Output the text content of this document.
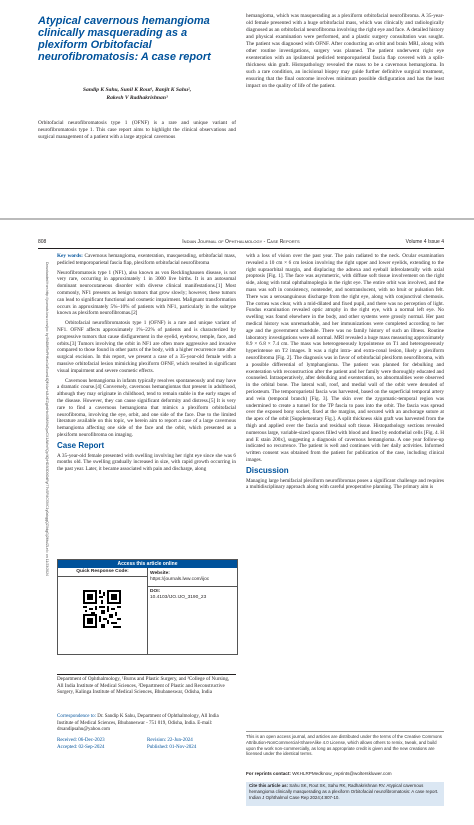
Atypical cavernous hemangioma clinically masquerading as a plexiform Orbitofacial neurofibromatosis: A case report
Sandip K Sahu, Sunil K Rout¹, Ranjit K Sahu²,
Rakesh V Radhakrishnan³
Orbitofacial neurofibromatosis type 1 (OFNF) is a rare and unique variant of neurofibromatosis type 1. This case report aims to highlight the clinical observations and surgical management of a patient with a large atypical cavernous
hemangioma, which was masquerading as a plexiform orbitofacial neurofibroma. A 35-year-old female presented with a huge orbitofacial mass, which was clinically and radiologically diagnosed as an orbitofacial neurofibroma involving the right eye and face. A detailed history and physical examination were performed, and a plastic surgery consultation was sought. The patient was diagnosed with OFNF. After conducting an orbit and brain MRI, along with other routine investigations, surgery was planned. The patient underwent right eye exenteration with an ipsilateral pedicled temporoparietal fascia flap covered with a split-thickness skin graft. Histopathology revealed the mass to be a cavernous hemangioma. In such a rare condition, an incisional biopsy may guide further definitive surgical treatment, ensuring that the final outcome involves minimum possible disfiguration and has the least impact on the quality of life of the patient.
Indian Journal of Ophthalmology - Case Reports
808	Volume 4 Issue 4
Downloaded from http://journals.lww.com/ijoc by BhDMf5ePHKav1zEoum1tQfN4a+kJLhEZgbsIHo4XMi0hCywCX1AWnYQp/IlQrHD3i3D0OdRyi7TvSFl4Cf3VC1y0abggQZXdgGj2MwlZLeI= on 11/23/2024

Key words: Cavernous hemangioma, exenteration, masquerading, orbitofacial mass, pedicled temporoparietal fascia flap, plexiform orbitofacial neurofibroma

Neurofibromatosis type 1 (NF1), also known as von Recklinghausen disease, is not very rare, occurring in approximately 1 in 3000 live births. It is an autosomal dominant neurocutaneous disorder with diverse clinical manifestations.[1] Most commonly, NF1 presents as benign tumors that grow slowly; however, these tumors can lead to significant functional and cosmetic impairment. Malignant transformation occurs in approximately 5%–10% of patients with NF1, particularly in the subtype known as plexiform neurofibromas.[2]

Orbitofacial neurofibromatosis type 1 (OFNF) is a rare and unique variant of NF1. OFNF affects approximately 1%–22% of patients and is characterized by progressive tumors that cause disfigurement in the eyelid, eyebrow, temple, face, and orbits.[3] Tumors involving the orbit in NF1 are often more aggressive and invasive compared to those found in other parts of the body, with a higher recurrence rate after surgical excision. In this report, we present a case of a 35-year-old female with a massive orbitofacial lesion mimicking plexiform OFNF, which resulted in significant visual impairment and severe cosmetic effects.

Cavernous hemangioma in infants typically resolves spontaneously and may have a dramatic course.[4] Conversely, cavernous hemangiomas that present in adulthood, although they may originate in childhood, tend to remain stable in the early stages of the disease. However, they can cause significant deformity and distress.[5] It is very rare to find a cavernous hemangioma that mimics a plexiform orbitofacial neurofibroma, involving the eye, orbit, and one side of the face. Due to the limited literature available on this topic, we herein aim to report a case of a large cavernous hemangioma affecting one side of the face and the orbit, which presented as a plexiform neurofibroma on imaging.

Case Report

A 35-year-old female presented with swelling involving her right eye since she was 6 months old. The swelling gradually increased in size, with rapid growth occurring in the past year. Later, it became associated with pain and discharge, along

Access this article online
Quick Response Code:	Website:
https://journals.lww.com/ijoc
DOI:
10.4103/IJO.IJO_3190_23
Department of Ophthalmology, ¹Burns and Plastic Surgery, and ³College of Nursing, All India Institute of Medical Sciences, ²Department of Plastic and Reconstructive Surgery, Kalinga Institute of Medical Sciences, Bhubaneswar, Odisha, India
Correspondence to: Dr. Sandip K Sahu, Department of Ophthalmology, All India Institute of Medical Sciences, Bhubaneswar - 751 019, Odisha, India. E-mail: drsandipsahu@yahoo.com
Received: 06-Dec-2023	Revision: 22-Jun-2024
Accepted: 02-Sep-2024	Published: 01-Nov-2024

with a loss of vision over the past year. The pain radiated to the neck. Ocular examination revealed a 10 cm × 6 cm lesion involving the right upper and lower eyelids, extending to the right supraorbital margin, and displacing the adnexa and eyeball inferolaterally with axial proptosis [Fig. 1]. The face was asymmetric, with diffuse soft tissue involvement on the right side, along with total ophthalmoplegia in the right eye. The entire orbit was involved, and the mass was soft in consistency, nontender, and nontranslucent, with no bruit or pulsation felt. There was a serosanguinous discharge from the right eye, along with conjunctival chemosis. The cornea was clear, with a mid-dilated and fixed pupil, and there was no perception of light. Fundus examination revealed optic atrophy in the right eye, with a normal left eye. No swelling was found elsewhere in the body, and other systems were grossly normal. Her past medical history was unremarkable, and her immunizations were completed according to her age and the government schedule. There was no family history of such an illness. Routine laboratory investigations were all normal. MRI revealed a huge mass measuring approximately 8.9 × 6.8 × 7.4 cm. The mass was heterogeneously hypointense on T1 and heterogeneously hyperintense on T2 images. It was a right intra- and extra-conal lesion, likely a plexiform neurofibroma [Fig. 2]. The diagnosis was in favor of orbitofacial plexiform neurofibroma, with a possible differential of lymphangioma. The patient was planned for debulking and exenteration with reconstruction after the patient and her family were thoroughly educated and counseled. Intraoperatively, after debulking and exenteration, no abnormalities were observed in the orbital bone. The lateral wall, roof, and medial wall of the orbit were denuded of periosteum. The temporoparietal fascia was harvested, based on the superficial temporal artery and vein (temporal branch) [Fig. 3]. The skin over the zygomatic-temporal region was undermined to create a tunnel for the TP fascia to pass into the orbit. The fascia was spread over the exposed bony socket, fixed at the margins, and secured with an anchorage suture at the apex of the orbit [Supplementary Fig.]. A split thickness skin graft was harvested from the thigh and applied over the fascia and residual soft tissue. Histopathology sections revealed numerous large, variable-sized spaces filled with blood and lined by endothelial cells [Fig. 4. H and E stain 200x], suggesting a diagnosis of cavernous hemangioma. A one year follow-up indicated no recurrence. The patient is well and continues with her daily activities. Informed written consent was obtained from the patient for publication of the case, including clinical images.

Discussion

Managing large hemifacial plexiform neurofibromas poses a significant challenge and requires a multidisciplinary approach along with careful preoperative planning. The primary aim is

This is an open access journal, and articles are distributed under the terms of the Creative Commons Attribution-NonCommercial-ShareAlike 4.0 License, which allows others to remix, tweak, and build upon the work non-commercially, as long as appropriate credit is given and the new creations are licensed under the identical terms.
For reprints contact: WKHLRPMedknow_reprints@wolterskluwer.com
Cite this article as: Sahu SK, Rout SK, Sahu RK, Radhakrishnan RV. Atypical cavernous hemangioma clinically masquerading as a plexiform Orbitofacial neurofibromatosis: A case report. Indian J Ophthalmol Case Rep 2024;4:807-10.
